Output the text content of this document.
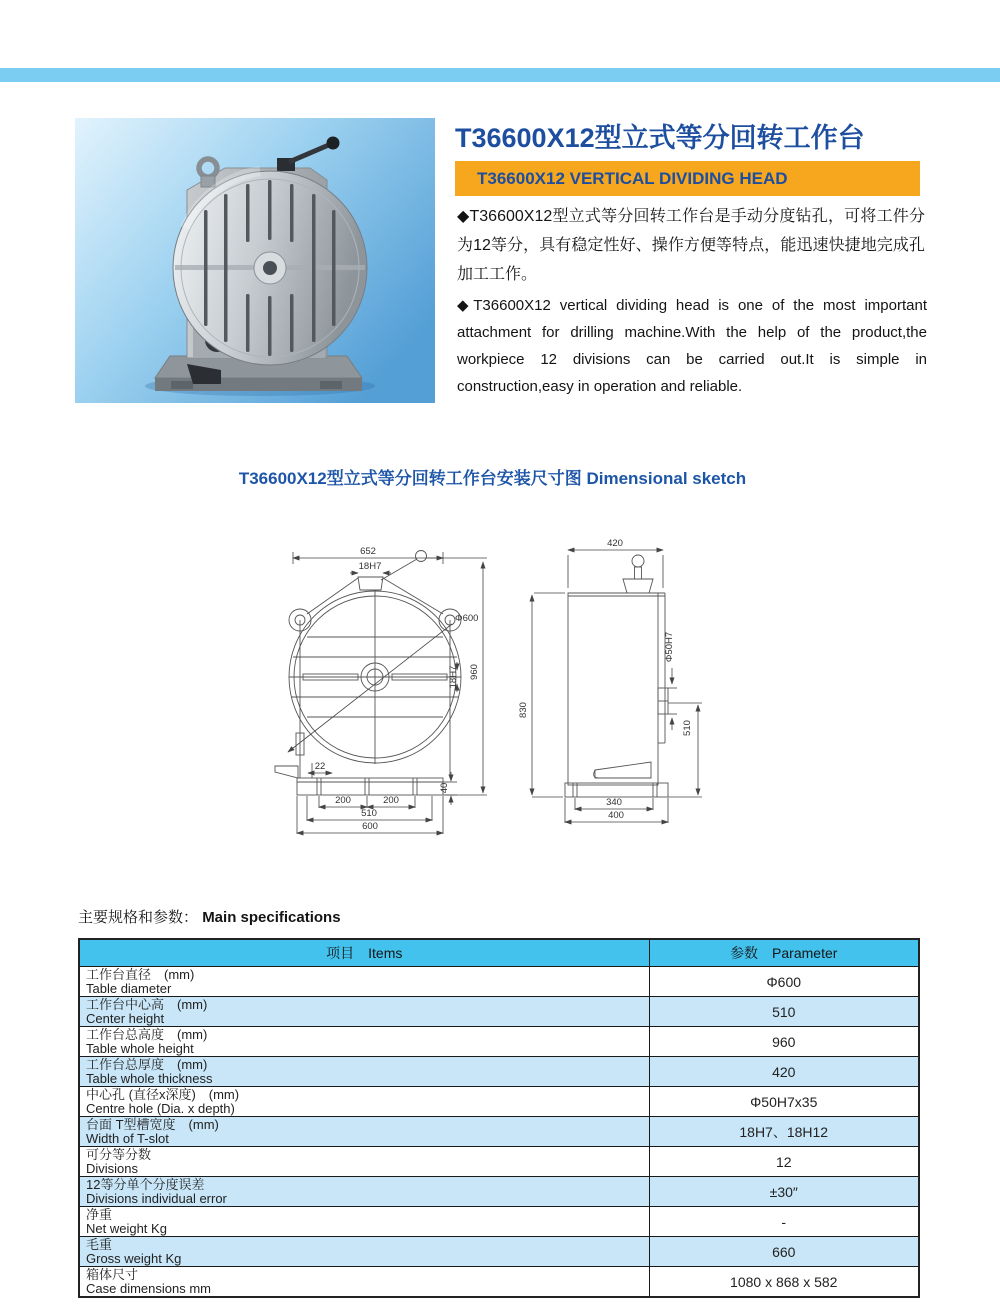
T36600X12型立式等分回转工作台
T36600X12 VERTICAL DIVIDING HEAD

◆T36600X12型立式等分回转工作台是手动分度钻孔，可将工件分为12等分，具有稳定性好、操作方便等特点，能迅速快捷地完成孔加工工作。

◆T36600X12 vertical dividing head is one of the most important attachment for drilling machine.With the help of the product,the workpiece 12 divisions can be carried out.It is simple in construction,easy in operation and reliable.

T36600X12型立式等分回转工作台安装尺寸图 Dimensional sketch
652
18H7
Φ600
18H7 960
22
200	200
510
600
40
420
Φ50H7
830
510
340
400
主要规格和参数： Main specifications
项目　Items	参数　Parameter

工作台直径　(mm)
Table diameter	Φ600

工作台中心高　(mm)
Center height	510

工作台总高度　(mm)
Table whole height	960

工作台总厚度　(mm)
Table whole thickness	420

中心孔 (直径x深度)　(mm)
Centre hole (Dia. x depth)	Φ50H7x35

台面 T型槽宽度　(mm)
Width of T-slot	18H7、18H12

可分等分数
Divisions	12

12等分单个分度误差
Divisions individual error	±30″

净重
Net weight Kg	-

毛重
Gross weight Kg	660

箱体尺寸
Case dimensions mm	1080 x 868 x 582
